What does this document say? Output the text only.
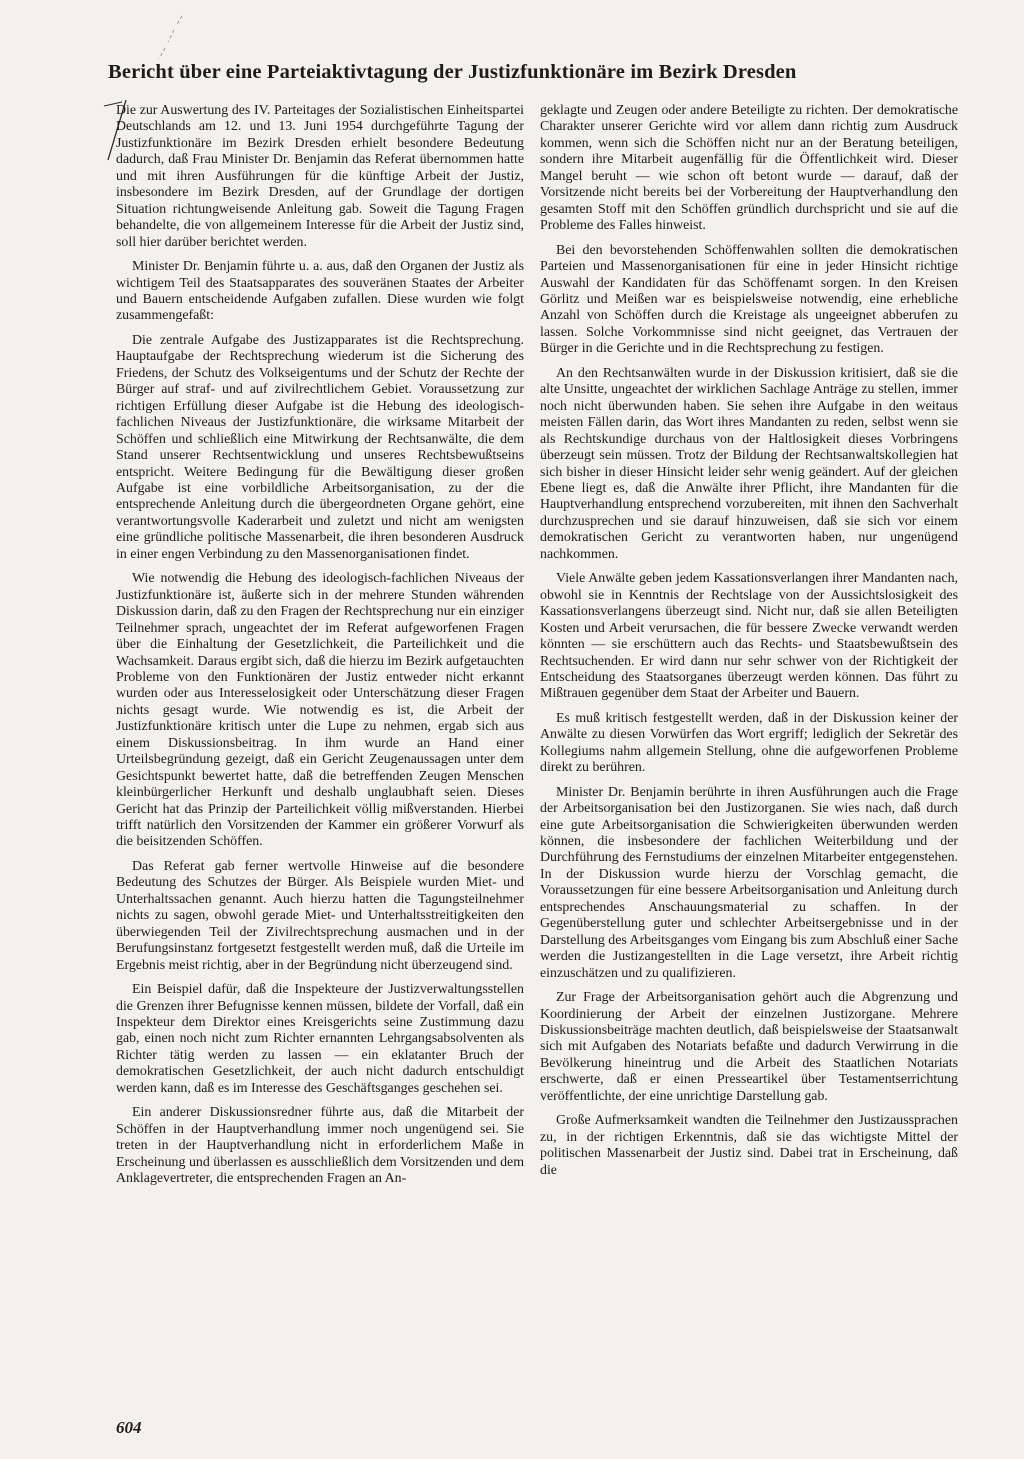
Bericht über eine Parteiaktivtagung der Justizfunktionäre im Bezirk Dresden

Die zur Auswertung des IV. Parteitages der Sozialistischen Einheitspartei Deutschlands am 12. und 13. Juni 1954 durchgeführte Tagung der Justizfunktionäre im Bezirk Dresden erhielt besondere Bedeutung dadurch, daß Frau Minister Dr. Benjamin das Referat übernommen hatte und mit ihren Ausführungen für die künftige Arbeit der Justiz, insbesondere im Bezirk Dresden, auf der Grundlage der dortigen Situation richtungweisende Anleitung gab. Soweit die Tagung Fragen behandelte, die von allgemeinem Interesse für die Arbeit der Justiz sind, soll hier darüber berichtet werden.

Minister Dr. Benjamin führte u. a. aus, daß den Organen der Justiz als wichtigem Teil des Staatsapparates des souveränen Staates der Arbeiter und Bauern entscheidende Aufgaben zufallen. Diese wurden wie folgt zusammengefaßt:

Die zentrale Aufgabe des Justizapparates ist die Rechtsprechung. Hauptaufgabe der Rechtsprechung wiederum ist die Sicherung des Friedens, der Schutz des Volkseigentums und der Schutz der Rechte der Bürger auf straf- und auf zivilrechtlichem Gebiet. Voraussetzung zur richtigen Erfüllung dieser Aufgabe ist die Hebung des ideologisch-fachlichen Niveaus der Justizfunktionäre, die wirksame Mitarbeit der Schöffen und schließlich eine Mitwirkung der Rechtsanwälte, die dem Stand unserer Rechtsentwicklung und unseres Rechtsbewußtseins entspricht. Weitere Bedingung für die Bewältigung dieser großen Aufgabe ist eine vorbildliche Arbeitsorganisation, zu der die entsprechende Anleitung durch die übergeordneten Organe gehört, eine verantwortungsvolle Kaderarbeit und zuletzt und nicht am wenigsten eine gründliche politische Massenarbeit, die ihren besonderen Ausdruck in einer engen Verbindung zu den Massenorganisationen findet.

Wie notwendig die Hebung des ideologisch-fachlichen Niveaus der Justizfunktionäre ist, äußerte sich in der mehrere Stunden währenden Diskussion darin, daß zu den Fragen der Rechtsprechung nur ein einziger Teilnehmer sprach, ungeachtet der im Referat aufgeworfenen Fragen über die Einhaltung der Gesetzlichkeit, die Parteilichkeit und die Wachsamkeit. Daraus ergibt sich, daß die hierzu im Bezirk aufgetauchten Probleme von den Funktionären der Justiz entweder nicht erkannt wurden oder aus Interesselosigkeit oder Unterschätzung dieser Fragen nichts gesagt wurde. Wie notwendig es ist, die Arbeit der Justizfunktionäre kritisch unter die Lupe zu nehmen, ergab sich aus einem Diskussionsbeitrag. In ihm wurde an Hand einer Urteilsbegründung gezeigt, daß ein Gericht Zeugenaussagen unter dem Gesichtspunkt bewertet hatte, daß die betreffenden Zeugen Menschen kleinbürgerlicher Herkunft und deshalb unglaubhaft seien. Dieses Gericht hat das Prinzip der Parteilichkeit völlig mißverstanden. Hierbei trifft natürlich den Vorsitzenden der Kammer ein größerer Vorwurf als die beisitzenden Schöffen.

Das Referat gab ferner wertvolle Hinweise auf die besondere Bedeutung des Schutzes der Bürger. Als Beispiele wurden Miet- und Unterhaltssachen genannt. Auch hierzu hatten die Tagungsteilnehmer nichts zu sagen, obwohl gerade Miet- und Unterhaltsstreitigkeiten den überwiegenden Teil der Zivilrechtsprechung ausmachen und in der Berufungsinstanz fortgesetzt festgestellt werden muß, daß die Urteile im Ergebnis meist richtig, aber in der Begründung nicht überzeugend sind.

Ein Beispiel dafür, daß die Inspekteure der Justizverwaltungsstellen die Grenzen ihrer Befugnisse kennen müssen, bildete der Vorfall, daß ein Inspekteur dem Direktor eines Kreisgerichts seine Zustimmung dazu gab, einen noch nicht zum Richter ernannten Lehrgangsabsolventen als Richter tätig werden zu lassen — ein eklatanter Bruch der demokratischen Gesetzlichkeit, der auch nicht dadurch entschuldigt werden kann, daß es im Interesse des Geschäftsganges geschehen sei.

Ein anderer Diskussionsredner führte aus, daß die Mitarbeit der Schöffen in der Hauptverhandlung immer noch ungenügend sei. Sie treten in der Hauptverhandlung nicht in erforderlichem Maße in Erscheinung und überlassen es ausschließlich dem Vorsitzenden und dem Anklagevertreter, die entsprechenden Fragen an An-

geklagte und Zeugen oder andere Beteiligte zu richten. Der demokratische Charakter unserer Gerichte wird vor allem dann richtig zum Ausdruck kommen, wenn sich die Schöffen nicht nur an der Beratung beteiligen, sondern ihre Mitarbeit augenfällig für die Öffentlichkeit wird. Dieser Mangel beruht — wie schon oft betont wurde — darauf, daß der Vorsitzende nicht bereits bei der Vorbereitung der Hauptverhandlung den gesamten Stoff mit den Schöffen gründlich durchspricht und sie auf die Probleme des Falles hinweist.

Bei den bevorstehenden Schöffenwahlen sollten die demokratischen Parteien und Massenorganisationen für eine in jeder Hinsicht richtige Auswahl der Kandidaten für das Schöffenamt sorgen. In den Kreisen Görlitz und Meißen war es beispielsweise notwendig, eine erhebliche Anzahl von Schöffen durch die Kreistage als ungeeignet abberufen zu lassen. Solche Vorkommnisse sind nicht geeignet, das Vertrauen der Bürger in die Gerichte und in die Rechtsprechung zu festigen.

An den Rechtsanwälten wurde in der Diskussion kritisiert, daß sie die alte Unsitte, ungeachtet der wirklichen Sachlage Anträge zu stellen, immer noch nicht überwunden haben. Sie sehen ihre Aufgabe in den weitaus meisten Fällen darin, das Wort ihres Mandanten zu reden, selbst wenn sie als Rechtskundige durchaus von der Haltlosigkeit dieses Vorbringens überzeugt sein müssen. Trotz der Bildung der Rechtsanwaltskollegien hat sich bisher in dieser Hinsicht leider sehr wenig geändert. Auf der gleichen Ebene liegt es, daß die Anwälte ihrer Pflicht, ihre Mandanten für die Hauptverhandlung entsprechend vorzubereiten, mit ihnen den Sachverhalt durchzusprechen und sie darauf hinzuweisen, daß sie sich vor einem demokratischen Gericht zu verantworten haben, nur ungenügend nachkommen.

Viele Anwälte geben jedem Kassationsverlangen ihrer Mandanten nach, obwohl sie in Kenntnis der Rechtslage von der Aussichtslosigkeit des Kassationsverlangens überzeugt sind. Nicht nur, daß sie allen Beteiligten Kosten und Arbeit verursachen, die für bessere Zwecke verwandt werden könnten — sie erschüttern auch das Rechts- und Staatsbewußtsein des Rechtsuchenden. Er wird dann nur sehr schwer von der Richtigkeit der Entscheidung des Staatsorganes überzeugt werden können. Das führt zu Mißtrauen gegenüber dem Staat der Arbeiter und Bauern.

Es muß kritisch festgestellt werden, daß in der Diskussion keiner der Anwälte zu diesen Vorwürfen das Wort ergriff; lediglich der Sekretär des Kollegiums nahm allgemein Stellung, ohne die aufgeworfenen Probleme direkt zu berühren.

Minister Dr. Benjamin berührte in ihren Ausführungen auch die Frage der Arbeitsorganisation bei den Justizorganen. Sie wies nach, daß durch eine gute Arbeitsorganisation die Schwierigkeiten überwunden werden können, die insbesondere der fachlichen Weiterbildung und der Durchführung des Fernstudiums der einzelnen Mitarbeiter entgegenstehen. In der Diskussion wurde hierzu der Vorschlag gemacht, die Voraussetzungen für eine bessere Arbeitsorganisation und Anleitung durch entsprechendes Anschauungsmaterial zu schaffen. In der Gegenüberstellung guter und schlechter Arbeitsergebnisse und in der Darstellung des Arbeitsganges vom Eingang bis zum Abschluß einer Sache werden die Justizangestellten in die Lage versetzt, ihre Arbeit richtig einzuschätzen und zu qualifizieren.

Zur Frage der Arbeitsorganisation gehört auch die Abgrenzung und Koordinierung der Arbeit der einzelnen Justizorgane. Mehrere Diskussionsbeiträge machten deutlich, daß beispielsweise der Staatsanwalt sich mit Aufgaben des Notariats befaßte und dadurch Verwirrung in die Bevölkerung hineintrug und die Arbeit des Staatlichen Notariats erschwerte, daß er einen Presseartikel über Testamentserrichtung veröffentlichte, der eine unrichtige Darstellung gab.

Große Aufmerksamkeit wandten die Teilnehmer den Justizaussprachen zu, in der richtigen Erkenntnis, daß sie das wichtigste Mittel der politischen Massenarbeit der Justiz sind. Dabei trat in Erscheinung, daß die

604
